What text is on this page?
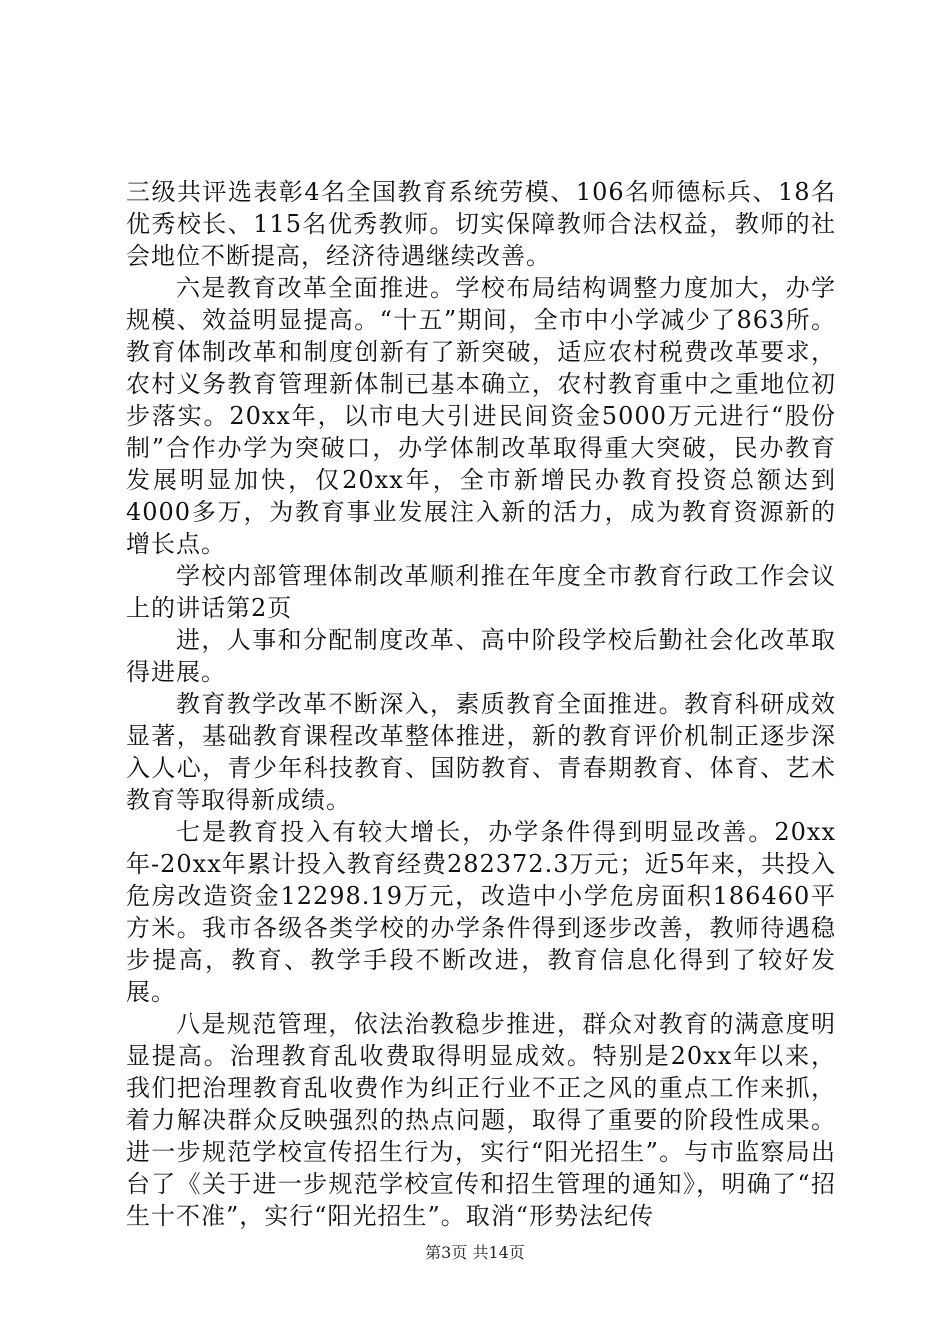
三级共评选表彰4名全国教育系统劳模、106名师德标兵、18名优秀校长、115名优秀教师。切实保障教师合法权益，教师的社会地位不断提高，经济待遇继续改善。

六是教育改革全面推进。学校布局结构调整力度加大，办学规模、效益明显提高。“十五”期间，全市中小学减少了863所。教育体制改革和制度创新有了新突破，适应农村税费改革要求，农村义务教育管理新体制已基本确立，农村教育重中之重地位初步落实。20xx年，以市电大引进民间资金5000万元进行“股份制”合作办学为突破口，办学体制改革取得重大突破，民办教育发展明显加快，仅20xx年，全市新增民办教育投资总额达到4000多万，为教育事业发展注入新的活力，成为教育资源新的增长点。

学校内部管理体制改革顺利推在年度全市教育行政工作会议上的讲话第2页

进，人事和分配制度改革、高中阶段学校后勤社会化改革取得进展。

教育教学改革不断深入，素质教育全面推进。教育科研成效显著，基础教育课程改革整体推进，新的教育评价机制正逐步深入人心，青少年科技教育、国防教育、青春期教育、体育、艺术教育等取得新成绩。

七是教育投入有较大增长，办学条件得到明显改善。20xx年-20xx年累计投入教育经费282372.3万元；近5年来，共投入危房改造资金12298.19万元，改造中小学危房面积186460平方米。我市各级各类学校的办学条件得到逐步改善，教师待遇稳步提高，教育、教学手段不断改进，教育信息化得到了较好发展。

八是规范管理，依法治教稳步推进，群众对教育的满意度明显提高。治理教育乱收费取得明显成效。特别是20xx年以来，我们把治理教育乱收费作为纠正行业不正之风的重点工作来抓，着力解决群众反映强烈的热点问题，取得了重要的阶段性成果。进一步规范学校宣传招生行为，实行“阳光招生”。与市监察局出台了《关于进一步规范学校宣传和招生管理的通知》，明确了“招生十不准”，实行“阳光招生”。取消“形势法纪传

第3页 共14页
